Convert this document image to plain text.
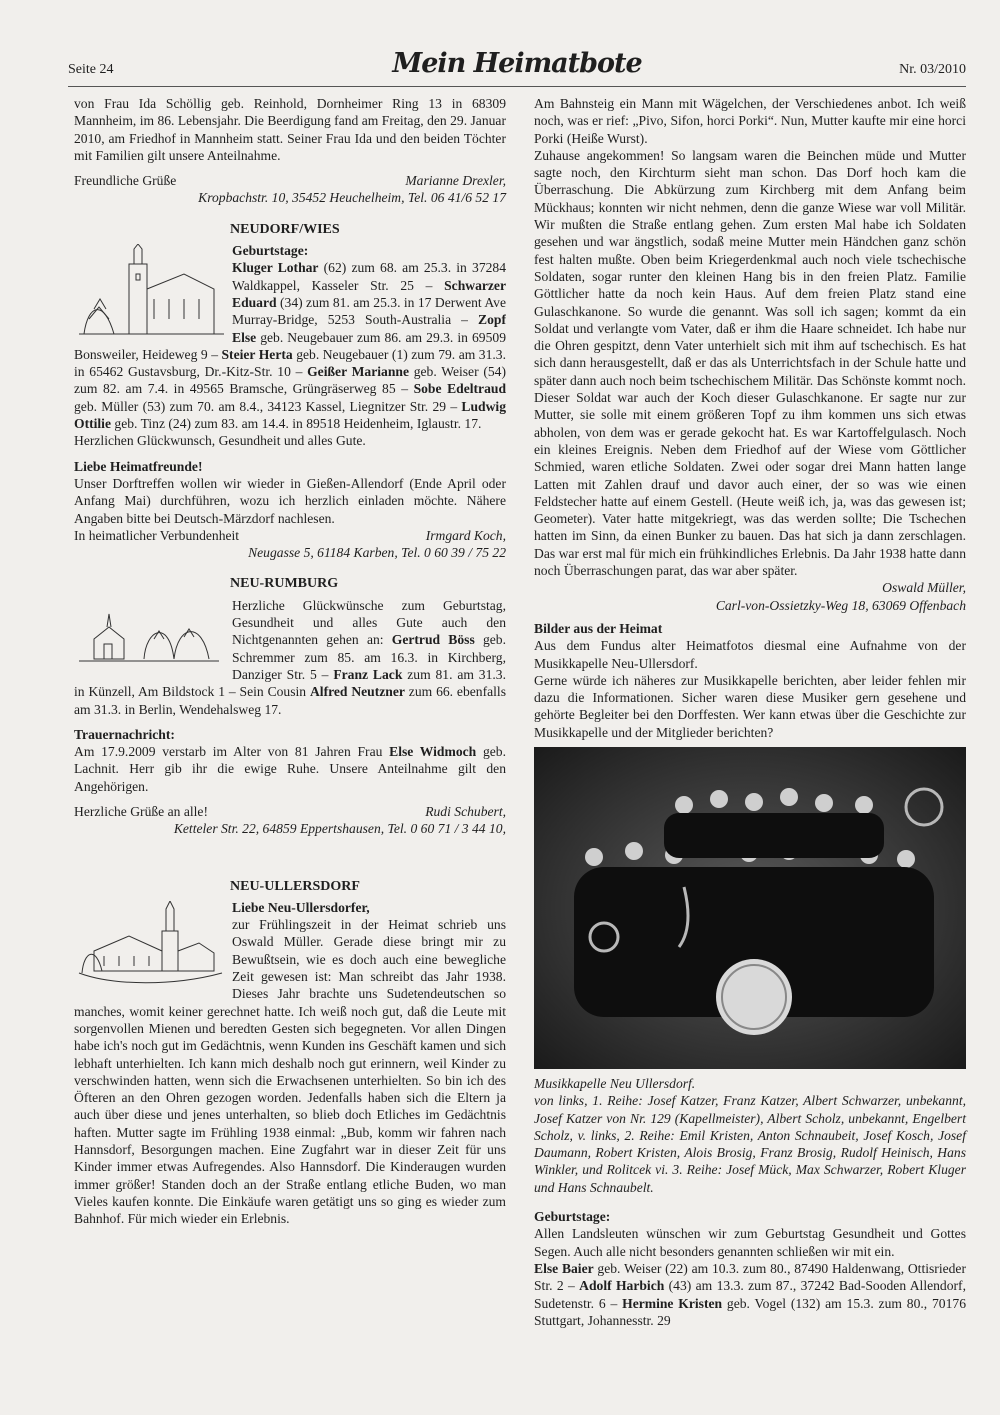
Seite 24	Mein Heimatbote	Nr. 03/2010

von Frau Ida Schöllig geb. Reinhold, Dornheimer Ring 13 in 68309 Mannheim, im 86. Lebensjahr. Die Beerdigung fand am Freitag, den 29. Januar 2010, am Friedhof in Mannheim statt. Seiner Frau Ida und den beiden Töchter mit Familien gilt unsere Anteilnahme.

Freundliche Grüße	Marianne Drexler,

Kropbachstr. 10, 35452 Heuchelheim, Tel. 06 41/6 52 17

NEUDORF/WIES

Geburtstage:

Kluger Lothar (62) zum 68. am 25.3. in 37284 Waldkappel, Kasseler Str. 25 – Schwarzer Eduard (34) zum 81. am 25.3. in 17 Derwent Ave Murray-Bridge, 5253 South-Australia – Zopf Else geb. Neugebauer zum 86. am 29.3. in 69509 Bonsweiler, Heideweg 9 – Steier Herta geb. Neugebauer (1) zum 79. am 31.3. in 65462 Gustavsburg, Dr.-Kitz-Str. 10 – Geißer Marianne geb. Weiser (54) zum 82. am 7.4. in 49565 Bramsche, Grüngräserweg 85 – Sobe Edeltraud geb. Müller (53) zum 70. am 8.4., 34123 Kassel, Liegnitzer Str. 29 – Ludwig Ottilie geb. Tinz (24) zum 83. am 14.4. in 89518 Heidenheim, Iglaustr. 17.

Herzlichen Glückwunsch, Gesundheit und alles Gute.

Liebe Heimatfreunde!

Unser Dorftreffen wollen wir wieder in Gießen-Allendorf (Ende April oder Anfang Mai) durchführen, wozu ich herzlich einladen möchte. Nähere Angaben bitte bei Deutsch-Märzdorf nachlesen.

In heimatlicher Verbundenheit	Irmgard Koch,

Neugasse 5, 61184 Karben, Tel. 0 60 39 / 75 22

NEU-RUMBURG

Herzliche Glückwünsche zum Geburtstag, Gesundheit und alles Gute auch den Nichtgenannten gehen an: Gertrud Böss geb. Schremmer zum 85. am 16.3. in Kirchberg, Danziger Str. 5 – Franz Lack zum 81. am 31.3. in Künzell, Am Bildstock 1 – Sein Cousin Alfred Neutzner zum 66. ebenfalls am 31.3. in Berlin, Wendehalsweg 17.

Trauernachricht:

Am 17.9.2009 verstarb im Alter von 81 Jahren Frau Else Widmoch geb. Lachnit. Herr gib ihr die ewige Ruhe. Unsere Anteilnahme gilt den Angehörigen.

Herzliche Grüße an alle!	Rudi Schubert,

Ketteler Str. 22, 64859 Eppertshausen, Tel. 0 60 71 / 3 44 10,

NEU-ULLERSDORF

Liebe Neu-Ullersdorfer,

zur Frühlingszeit in der Heimat schrieb uns Oswald Müller. Gerade diese bringt mir zu Bewußtsein, wie es doch auch eine bewegliche Zeit gewesen ist: Man schreibt das Jahr 1938. Dieses Jahr brachte uns Sudetendeutschen so manches, womit keiner gerechnet hatte. Ich weiß noch gut, daß die Leute mit sorgenvollen Mienen und beredten Gesten sich begegneten. Vor allen Dingen habe ich's noch gut im Gedächtnis, wenn Kunden ins Geschäft kamen und sich lebhaft unterhielten. Ich kann mich deshalb noch gut erinnern, weil Kinder zu verschwinden hatten, wenn sich die Erwachsenen unterhielten. So bin ich des Öfteren an den Ohren gezogen worden. Jedenfalls haben sich die Eltern ja auch über diese und jenes unterhalten, so blieb doch Etliches im Gedächtnis haften. Mutter sagte im Frühling 1938 einmal: „Bub, komm wir fahren nach Hannsdorf, Besorgungen machen. Eine Zugfahrt war in dieser Zeit für uns Kinder immer etwas Aufregendes. Also Hannsdorf. Die Kinderaugen wurden immer größer! Standen doch an der Straße entlang etliche Buden, wo man Vieles kaufen konnte. Die Einkäufe waren getätigt uns so ging es wieder zum Bahnhof. Für mich wieder ein Erlebnis.

Am Bahnsteig ein Mann mit Wägelchen, der Verschiedenes anbot. Ich weiß noch, was er rief: „Pivo, Sifon, horci Porki“. Nun, Mutter kaufte mir eine horci Porki (Heiße Wurst).

Zuhause angekommen! So langsam waren die Beinchen müde und Mutter sagte noch, den Kirchturm sieht man schon. Das Dorf hoch kam die Überraschung. Die Abkürzung zum Kirchberg mit dem Anfang beim Mückhaus; konnten wir nicht nehmen, denn die ganze Wiese war voll Militär. Wir mußten die Straße entlang gehen. Zum ersten Mal habe ich Soldaten gesehen und war ängstlich, sodaß meine Mutter mein Händchen ganz schön fest halten mußte. Oben beim Kriegerdenkmal auch noch viele tschechische Soldaten, sogar runter den kleinen Hang bis in den freien Platz. Familie Göttlicher hatte da noch kein Haus. Auf dem freien Platz stand eine Gulaschkanone. So wurde die genannt. Was soll ich sagen; kommt da ein Soldat und verlangte vom Vater, daß er ihm die Haare schneidet. Ich habe nur die Ohren gespitzt, denn Vater unterhielt sich mit ihm auf tschechisch. Es hat sich dann herausgestellt, daß er das als Unterrichtsfach in der Schule hatte und später dann auch noch beim tschechischem Militär. Das Schönste kommt noch. Dieser Soldat war auch der Koch dieser Gulaschkanone. Er sagte nur zur Mutter, sie solle mit einem größeren Topf zu ihm kommen uns sich etwas abholen, von dem was er gerade gekocht hat. Es war Kartoffelgulasch. Noch ein kleines Ereignis. Neben dem Friedhof auf der Wiese vom Göttlicher Schmied, waren etliche Soldaten. Zwei oder sogar drei Mann hatten lange Latten mit Zahlen drauf und davor auch einer, der so was wie einen Feldstecher hatte auf einem Gestell. (Heute weiß ich, ja, was das gewesen ist; Geometer). Vater hatte mitgekriegt, was das werden sollte; Die Tschechen hatten im Sinn, da einen Bunker zu bauen. Das hat sich ja dann zerschlagen. Das war erst mal für mich ein frühkindliches Erlebnis. Da Jahr 1938 hatte dann noch Überraschungen parat, das war aber später.

Oswald Müller,

Carl-von-Ossietzky-Weg 18, 63069 Offenbach

Bilder aus der Heimat

Aus dem Fundus alter Heimatfotos diesmal eine Aufnahme von der Musikkapelle Neu-Ullersdorf.

Gerne würde ich näheres zur Musikkapelle berichten, aber leider fehlen mir dazu die Informationen. Sicher waren diese Musiker gern gesehene und gehörte Begleiter bei den Dorffesten. Wer kann etwas über die Geschichte zur Musikkapelle und der Mitglieder berichten?

Musikkapelle Neu Ullersdorf.

von links, 1. Reihe: Josef Katzer, Franz Katzer, Albert Schwarzer, unbekannt, Josef Katzer von Nr. 129 (Kapellmeister), Albert Scholz, unbekannt, Engelbert Scholz, v. links, 2. Reihe: Emil Kristen, Anton Schnaubeit, Josef Kosch, Josef Daumann, Robert Kristen, Alois Brosig, Franz Brosig, Rudolf Heinisch, Hans Winkler, und Rolitcek vi. 3. Reihe: Josef Mück, Max Schwarzer, Robert Kluger und Hans Schnaubelt.

Geburtstage:

Allen Landsleuten wünschen wir zum Geburtstag Gesundheit und Gottes Segen. Auch alle nicht besonders genannten schließen wir mit ein.

Else Baier geb. Weiser (22) am 10.3. zum 80., 87490 Haldenwang, Ottisrieder Str. 2 – Adolf Harbich (43) am 13.3. zum 87., 37242 Bad-Sooden Allendorf, Sudetenstr. 6 – Hermine Kristen geb. Vogel (132) am 15.3. zum 80., 70176 Stuttgart, Johannesstr. 29
